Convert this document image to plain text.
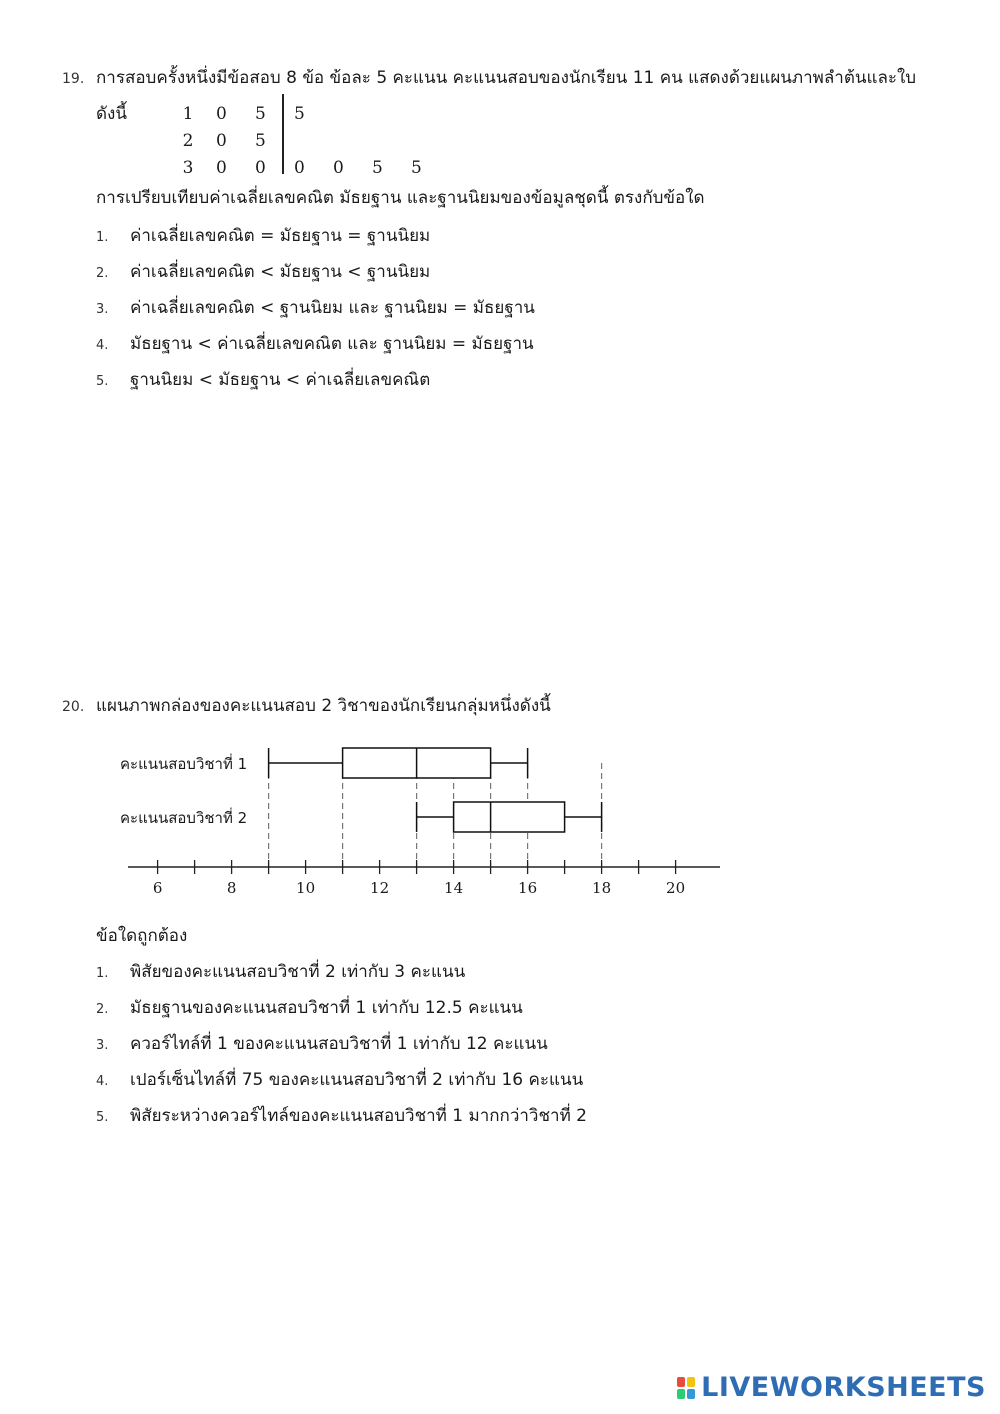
19. การสอบครั้งหนึ่งมีข้อสอบ 8 ข้อ ข้อละ 5 คะแนน คะแนนสอบของนักเรียน 11 คน แสดงด้วยแผนภาพลำต้นและใบ
ดังนี้	1	0	5	5
2	0	5
3	0	0	0	0	5	5
การเปรียบเทียบค่าเฉลี่ยเลขคณิต มัธยฐาน และฐานนิยมของข้อมูลชุดนี้ ตรงกับข้อใด
1.	ค่าเฉลี่ยเลขคณิต = มัธยฐาน = ฐานนิยม
2.	ค่าเฉลี่ยเลขคณิต < มัธยฐาน < ฐานนิยม
3.	ค่าเฉลี่ยเลขคณิต < ฐานนิยม และ ฐานนิยม = มัธยฐาน
4.	มัธยฐาน < ค่าเฉลี่ยเลขคณิต และ ฐานนิยม = มัธยฐาน
5.	ฐานนิยม < มัธยฐาน < ค่าเฉลี่ยเลขคณิต
20. แผนภาพกล่องของคะแนนสอบ 2 วิชาของนักเรียนกลุ่มหนึ่งดังนี้
6	8	10	12	14	16	18	20
คะแนนสอบวิชาที่ 1
คะแนนสอบวิชาที่ 2
ข้อใดถูกต้อง
1.	พิสัยของคะแนนสอบวิชาที่ 2 เท่ากับ 3 คะแนน
2.	มัธยฐานของคะแนนสอบวิชาที่ 1 เท่ากับ 12.5 คะแนน
3.	ควอร์ไทล์ที่ 1 ของคะแนนสอบวิชาที่ 1 เท่ากับ 12 คะแนน
4.	เปอร์เซ็นไทล์ที่ 75 ของคะแนนสอบวิชาที่ 2 เท่ากับ 16 คะแนน
5.	พิสัยระหว่างควอร์ไทล์ของคะแนนสอบวิชาที่ 1 มากกว่าวิชาที่ 2
LIVEWORKSHEETS
